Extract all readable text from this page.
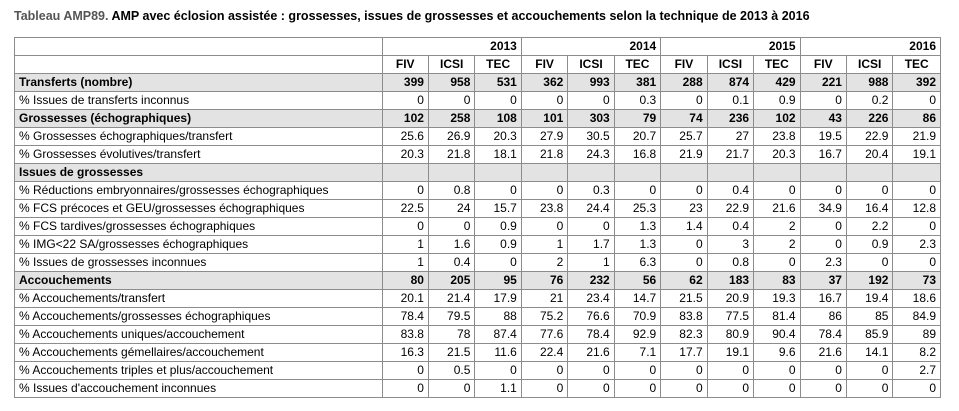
Tableau AMP89. AMP avec éclosion assistée : grossesses, issues de grossesses et accouchements selon la technique de 2013 à 2016
	2013			2014			2015			2016		
	FIV	ICSI	TEC	FIV	ICSI	TEC	FIV	ICSI	TEC	FIV	ICSI	TEC
Transferts (nombre)	399	958	531	362	993	381	288	874	429	221	988	392
% Issues de transferts inconnus	0	0	0	0	0	0.3	0	0.1	0.9	0	0.2	0
Grossesses (échographiques)	102	258	108	101	303	79	74	236	102	43	226	86
% Grossesses échographiques/transfert	25.6	26.9	20.3	27.9	30.5	20.7	25.7	27	23.8	19.5	22.9	21.9
% Grossesses évolutives/transfert	20.3	21.8	18.1	21.8	24.3	16.8	21.9	21.7	20.3	16.7	20.4	19.1
Issues de grossesses												
% Réductions embryonnaires/grossesses échographiques	0	0.8	0	0	0.3	0	0	0.4	0	0	0	0
% FCS précoces et GEU/grossesses échographiques	22.5	24	15.7	23.8	24.4	25.3	23	22.9	21.6	34.9	16.4	12.8
% FCS tardives/grossesses échographiques	0	0	0.9	0	0	1.3	1.4	0.4	2	0	2.2	0
% IMG<22 SA/grossesses échographiques	1	1.6	0.9	1	1.7	1.3	0	3	2	0	0.9	2.3
% Issues de grossesses inconnues	1	0.4	0	2	1	6.3	0	0.8	0	2.3	0	0
Accouchements	80	205	95	76	232	56	62	183	83	37	192	73
% Accouchements/transfert	20.1	21.4	17.9	21	23.4	14.7	21.5	20.9	19.3	16.7	19.4	18.6
% Accouchements/grossesses échographiques	78.4	79.5	88	75.2	76.6	70.9	83.8	77.5	81.4	86	85	84.9
% Accouchements uniques/accouchement	83.8	78	87.4	77.6	78.4	92.9	82.3	80.9	90.4	78.4	85.9	89
% Accouchements gémellaires/accouchement	16.3	21.5	11.6	22.4	21.6	7.1	17.7	19.1	9.6	21.6	14.1	8.2
% Accouchements triples et plus/accouchement	0	0.5	0	0	0	0	0	0	0	0	0	2.7
% Issues d'accouchement inconnues	0	0	1.1	0	0	0	0	0	0	0	0	0
